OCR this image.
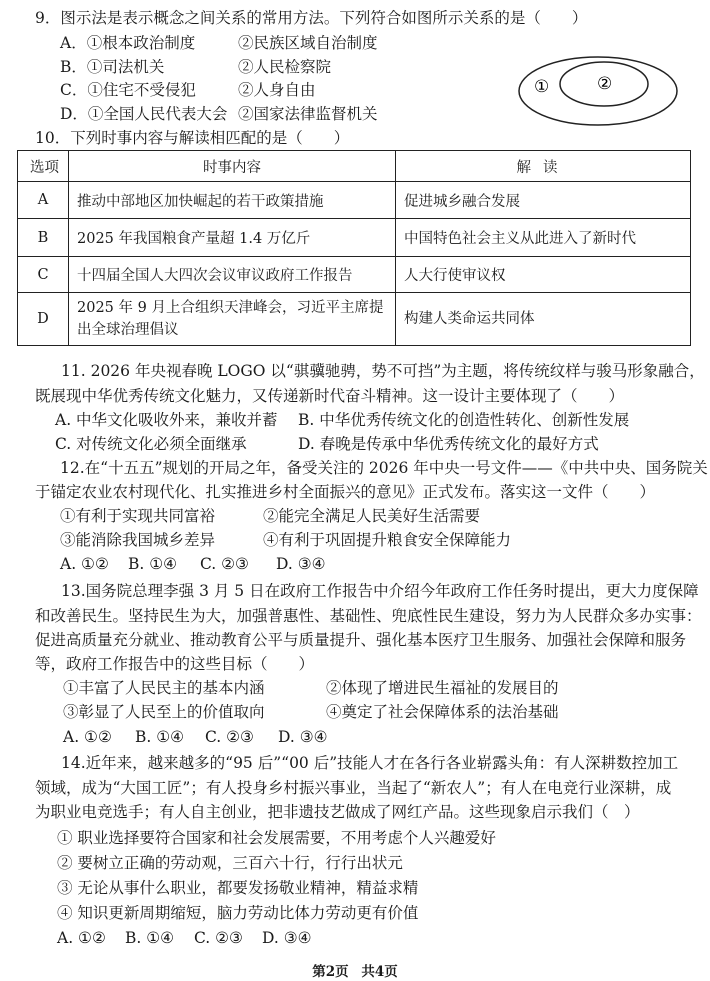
9．图示法是表示概念之间关系的常用方法。下列符合如图所示关系的是（　　）
A．①根本政治制度	②民族区域自治制度
B．①司法机关	②人民检察院
C．①住宅不受侵犯	②人身自由
D．①全国人民代表大会 ②国家法律监督机关
①	②
10．下列时事内容与解读相匹配的是（　　）
选项	时事内容	解读
A	推动中部地区加快崛起的若干政策措施	促进城乡融合发展
B	2025 年我国粮食产量超 1.4 万亿斤	中国特色社会主义从此进入了新时代
C	十四届全国人大四次会议审议政府工作报告	人大行使审议权
D	2025 年 9 月上合组织天津峰会，习近平主席提出全球治理倡议	构建人类命运共同体
11. 2026 年央视春晚 LOGO 以“骐骥驰骋，势不可挡”为主题，将传统纹样与骏马形象融合，
既展现中华优秀传统文化魅力，又传递新时代奋斗精神。这一设计主要体现了（　　）
A. 中华文化吸收外来，兼收并蓄 B. 中华优秀传统文化的创造性转化、创新性发展
C. 对传统文化必须全面继承	D. 春晚是传承中华优秀传统文化的最好方式
12.在“十五五”规划的开局之年，备受关注的 2026 年中央一号文件——《中共中央、国务院关
于锚定农业农村现代化、扎实推进乡村全面振兴的意见》正式发布。落实这一文件（　　）
①有利于实现共同富裕	②能完全满足人民美好生活需要
③能消除我国城乡差异	④有利于巩固提升粮食安全保障能力
A. ①② B. ①④ C. ②③ D. ③④
13.国务院总理李强 3 月 5 日在政府工作报告中介绍今年政府工作任务时提出，更大力度保障
和改善民生。坚持民生为大，加强普惠性、基础性、兜底性民生建设，努力为人民群众多办实事：
促进高质量充分就业、推动教育公平与质量提升、强化基本医疗卫生服务、加强社会保障和服务
等，政府工作报告中的这些目标（　　）
①丰富了人民民主的基本内涵	②体现了增进民生福祉的发展目的
③彰显了人民至上的价值取向	④奠定了社会保障体系的法治基础
A. ①② B. ①④ C. ②③ D. ③④
14.近年来，越来越多的“95 后”“00 后”技能人才在各行各业崭露头角：有人深耕数控加工
领域，成为“大国工匠”；有人投身乡村振兴事业，当起了“新农人”；有人在电竞行业深耕，成
为职业电竞选手；有人自主创业，把非遗技艺做成了网红产品。这些现象启示我们（　）
① 职业选择要符合国家和社会发展需要，不用考虑个人兴趣爱好
② 要树立正确的劳动观，三百六十行，行行出状元
③ 无论从事什么职业，都要发扬敬业精神，精益求精
④ 知识更新周期缩短，脑力劳动比体力劳动更有价值
A. ①② B. ①④ C. ②③ D. ③④
第2页 共4页
